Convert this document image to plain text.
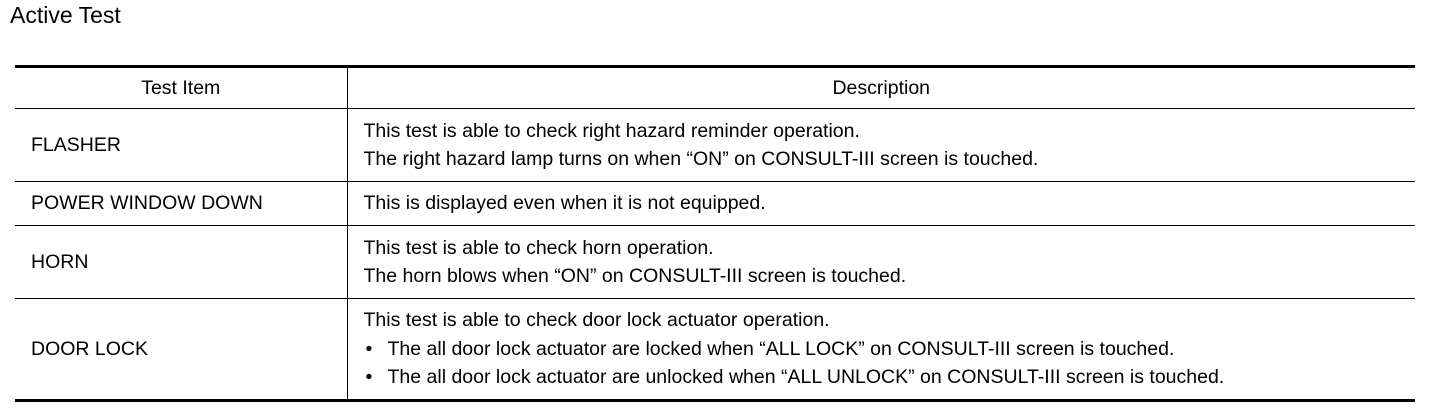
Active Test
Test Item	Description
FLASHER	This test is able to check right hazard reminder operation.
The right hazard lamp turns on when “ON” on CONSULT-III screen is touched.

POWER WINDOW DOWN	This is displayed even when it is not equipped.

HORN	This test is able to check horn operation.
The horn blows when “ON” on CONSULT-III screen is touched.

DOOR LOCK	This test is able to check door lock actuator operation.
• The all door lock actuator are locked when “ALL LOCK” on CONSULT-III screen is touched.
• The all door lock actuator are unlocked when “ALL UNLOCK” on CONSULT-III screen is touched.
